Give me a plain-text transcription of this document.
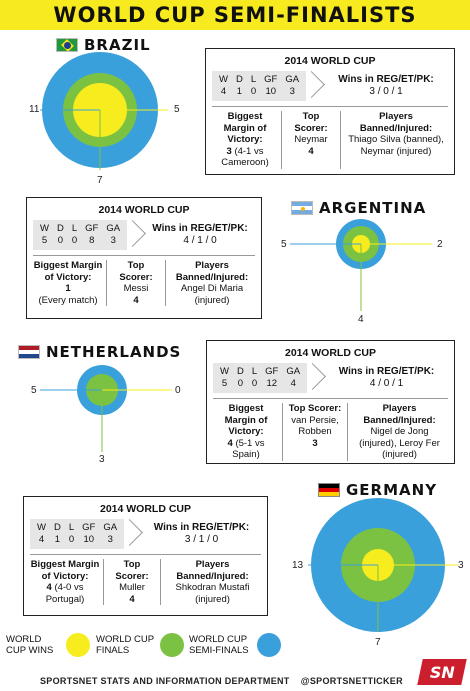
WORLD CUP SEMI-FINALISTS
BRAZIL
11	5
7
2014 WORLD CUP
W D L GF GA
4 1 0 10	3
Wins in REG/ET/PK:
3 / 0 / 1
Biggest Margin of Victory:
3 (4-1 vs Cameroon)
Top Scorer:
Neymar
4
Players Banned/Injured:
Thiago Silva (banned), Neymar (injured)
ARGENTINA
5	2
4
2014 WORLD CUP
W D L GF GA
5 0 0	8	3
Wins in REG/ET/PK:
4 / 1 / 0
Biggest Margin of Victory:
1
(Every match)
Top Scorer:
Messi
4
Players Banned/Injured:
Angel Di Maria (injured)
NETHERLANDS
5	0
3
2014 WORLD CUP
W D L GF GA
5 0 0 12	4
Wins in REG/ET/PK:
4 / 0 / 1
Biggest Margin of Victory:
4 (5-1 vs Spain)
Top Scorer:
van Persie, Robben
3
Players Banned/Injured:
Nigel de Jong (injured), Leroy Fer (injured)
GERMANY
13	3
7
2014 WORLD CUP
W D L GF GA
4 1 0 10	3
Wins in REG/ET/PK:
3 / 1 / 0
Biggest Margin of Victory:
4 (4-0 vs Portugal)
Top Scorer:
Muller
4
Players Banned/Injured:
Shkodran Mustafi (injured)
WORLD CUP WINS
WORLD CUP FINALS
WORLD CUP SEMI-FINALS
SPORTSNET STATS AND INFORMATION DEPARTMENT @SPORTSNETTICKER SN
